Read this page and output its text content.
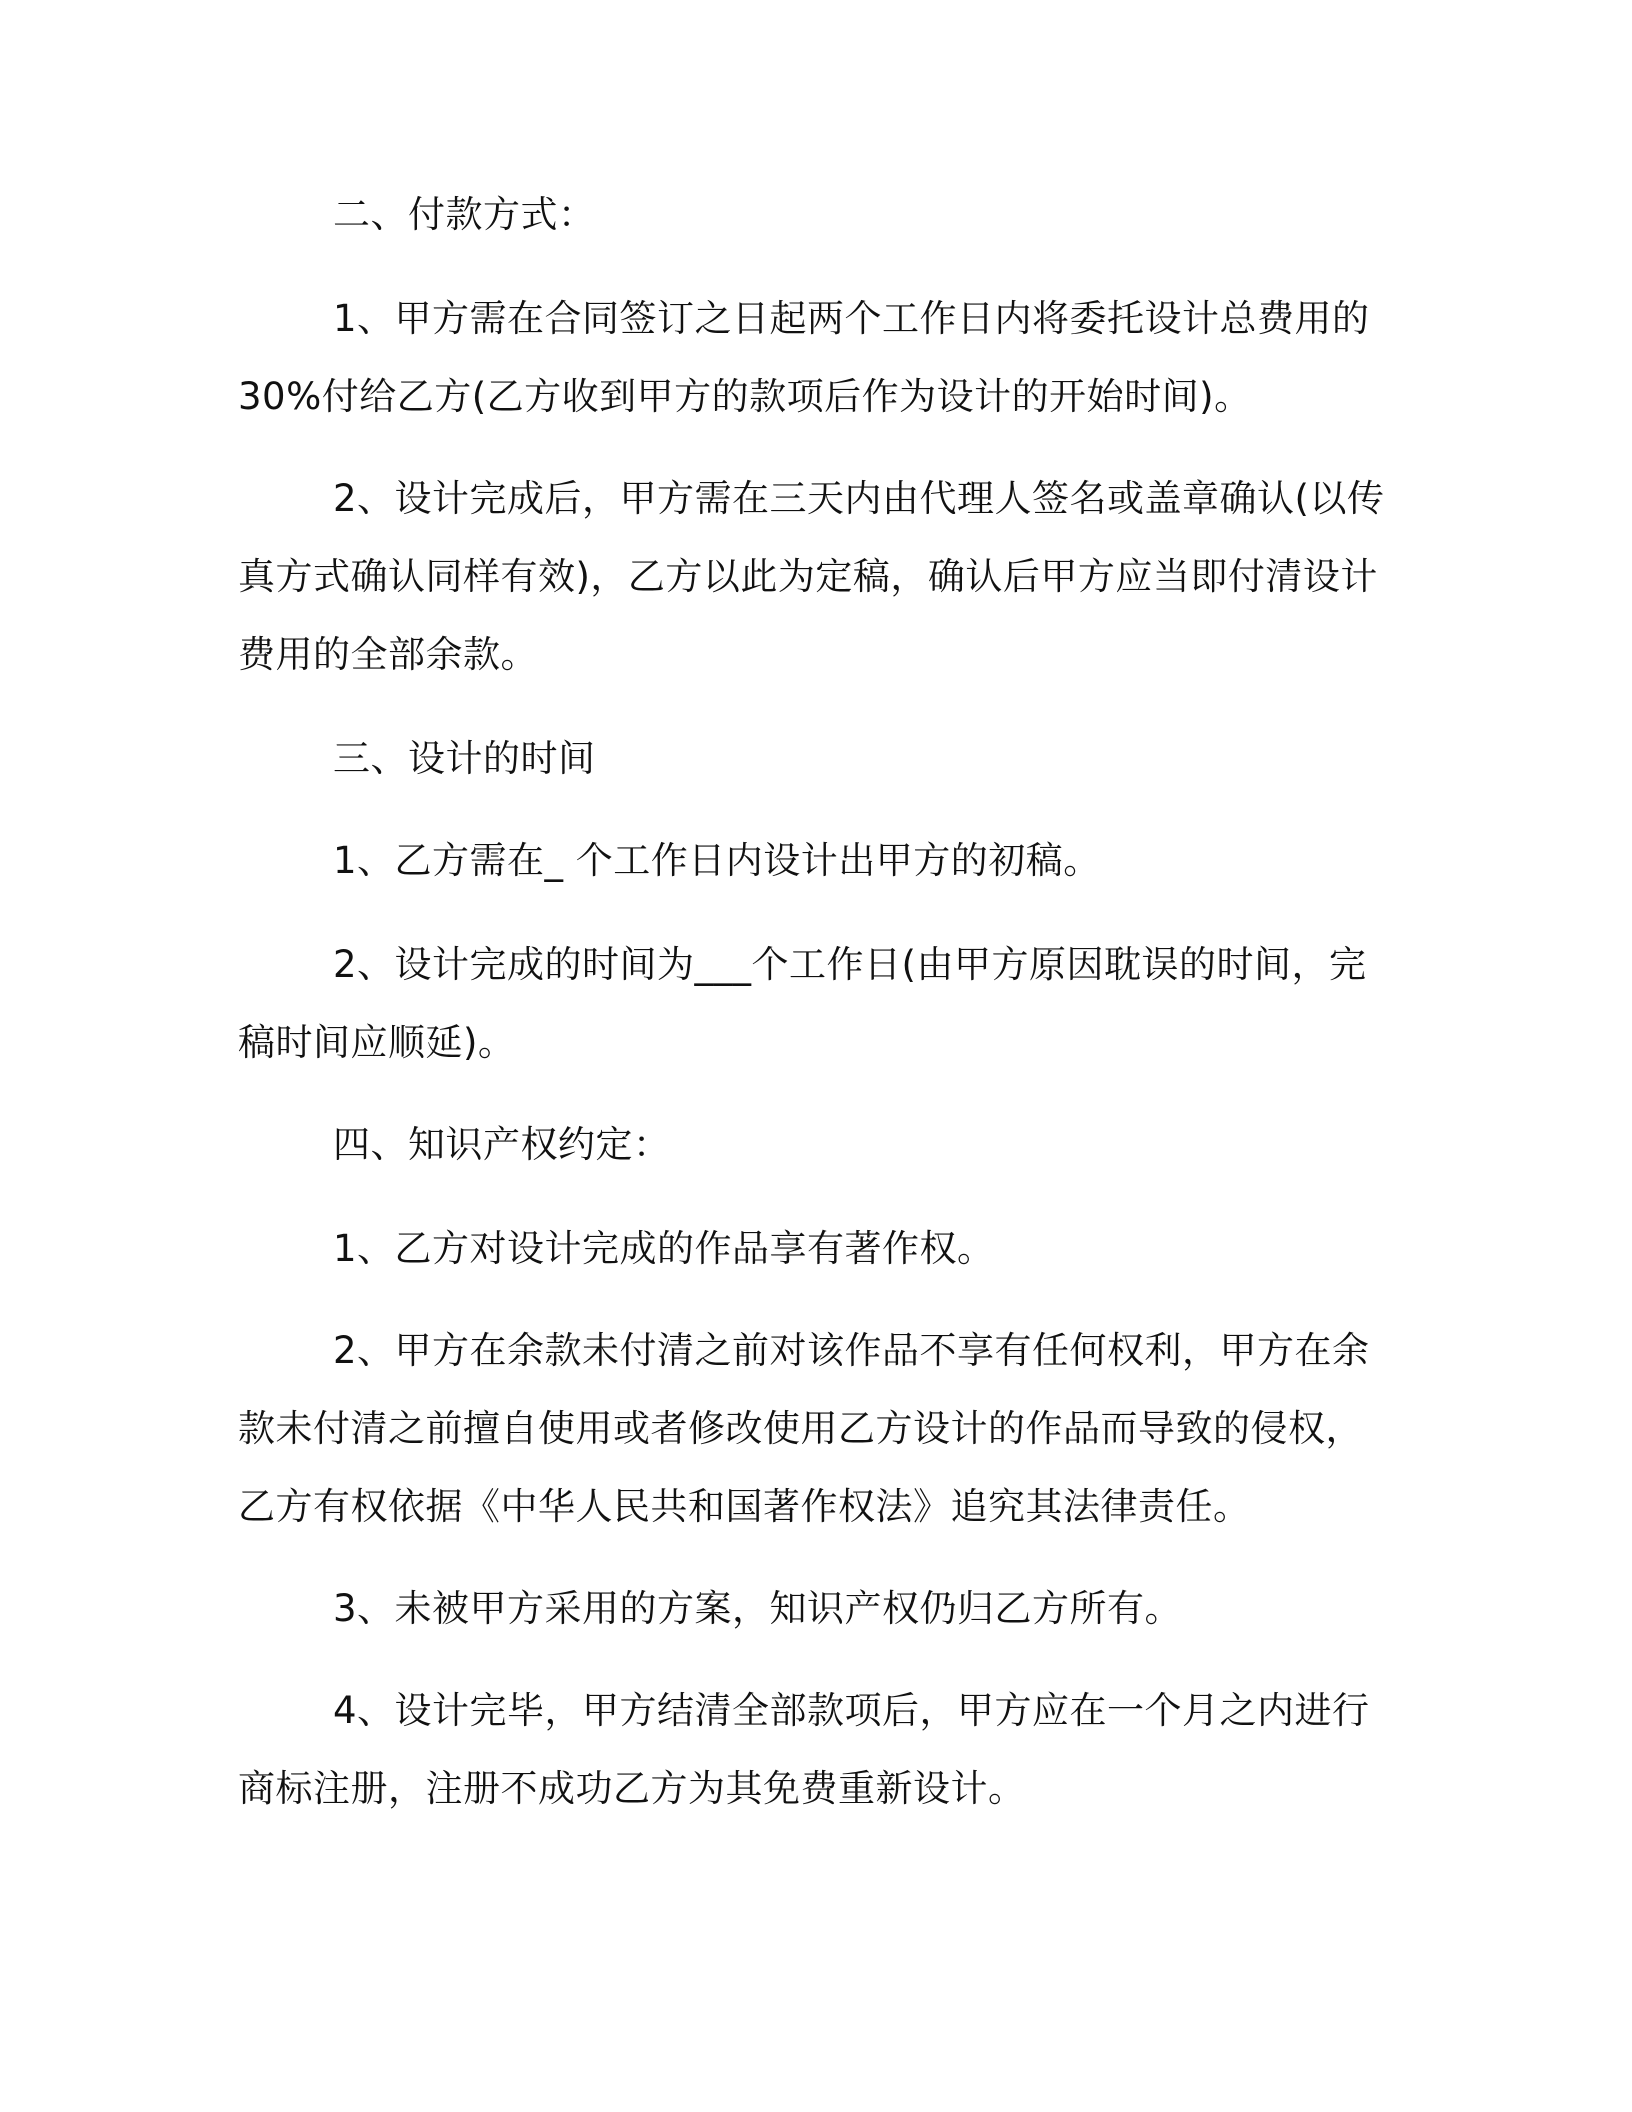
二、付款方式：

1、甲方需在合同签订之日起两个工作日内将委托设计总费用的30%付给乙方(乙方收到甲方的款项后作为设计的开始时间)。

2、设计完成后，甲方需在三天内由代理人签名或盖章确认(以传真方式确认同样有效)，乙方以此为定稿，确认后甲方应当即付清设计费用的全部余款。

三、设计的时间

1、乙方需在_ 个工作日内设计出甲方的初稿。

2、设计完成的时间为___个工作日(由甲方原因耽误的时间，完稿时间应顺延)。

四、知识产权约定：

1、乙方对设计完成的作品享有著作权。

2、甲方在余款未付清之前对该作品不享有任何权利，甲方在余款未付清之前擅自使用或者修改使用乙方设计的作品而导致的侵权，乙方有权依据《中华人民共和国著作权法》追究其法律责任。

3、未被甲方采用的方案，知识产权仍归乙方所有。

4、设计完毕，甲方结清全部款项后，甲方应在一个月之内进行商标注册，注册不成功乙方为其免费重新设计。
